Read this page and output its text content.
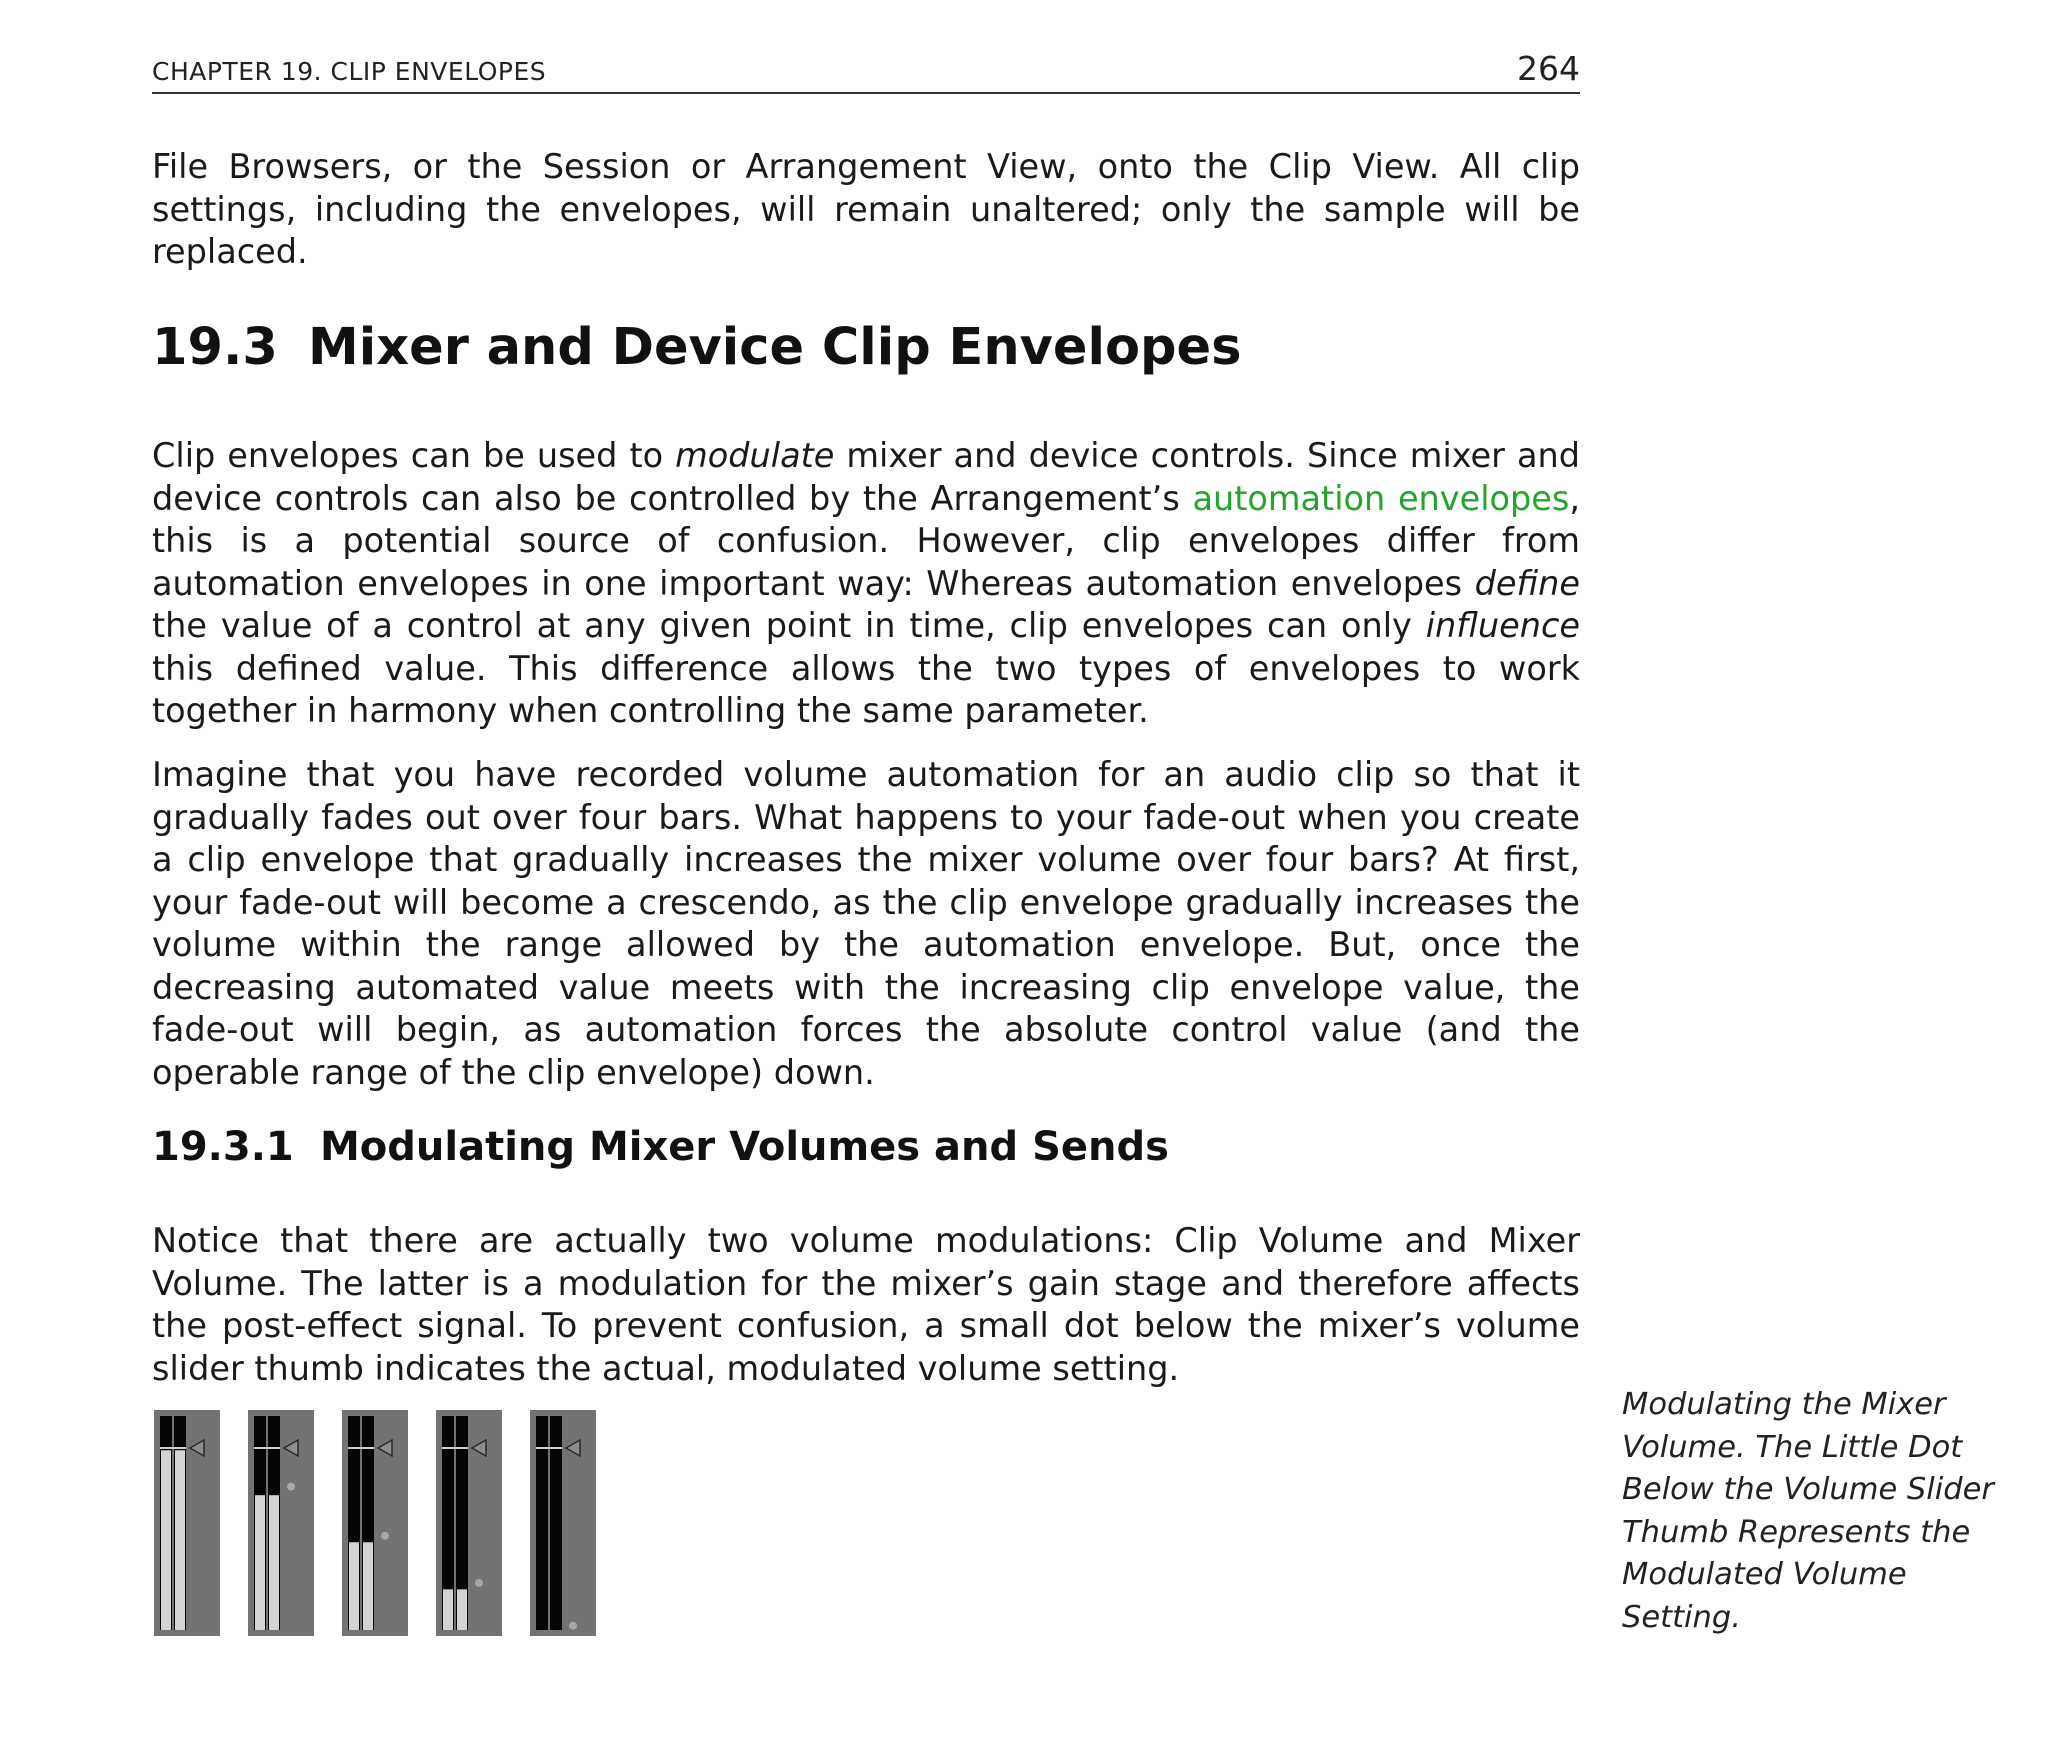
CHAPTER 19. CLIP ENVELOPES	264

File Browsers, or the Session or Arrangement View, onto the Clip View. All clip settings, including the envelopes, will remain unaltered; only the sample will be replaced.

19.3 Mixer and Device Clip Envelopes

Clip envelopes can be used to modulate mixer and device controls. Since mixer and device controls can also be controlled by the Arrangement’s automation envelopes, this is a potential source of confusion. However, clip envelopes differ from automation envelopes in one important way: Whereas automation envelopes define the value of a control at any given point in time, clip envelopes can only influence this defined value. This difference allows the two types of envelopes to work together in harmony when controlling the same parameter.

Imagine that you have recorded volume automation for an audio clip so that it gradually fades out over four bars. What happens to your fade-out when you create a clip envelope that gradually increases the mixer volume over four bars? At first, your fade-out will become a crescendo, as the clip envelope gradually increases the volume within the range allowed by the automation envelope. But, once the decreasing automated value meets with the increasing clip envelope value, the fade-out will begin, as automation forces the absolute control value (and the operable range of the clip envelope) down.

19.3.1 Modulating Mixer Volumes and Sends

Notice that there are actually two volume modulations: Clip Volume and Mixer Volume. The latter is a modulation for the mixer’s gain stage and therefore affects the post-effect signal. To prevent confusion, a small dot below the mixer’s volume slider thumb indicates the actual, modulated volume setting.

Modulating the Mixer Volume. The Little Dot Below the Volume Slider Thumb Represents the Modulated Volume Setting.
